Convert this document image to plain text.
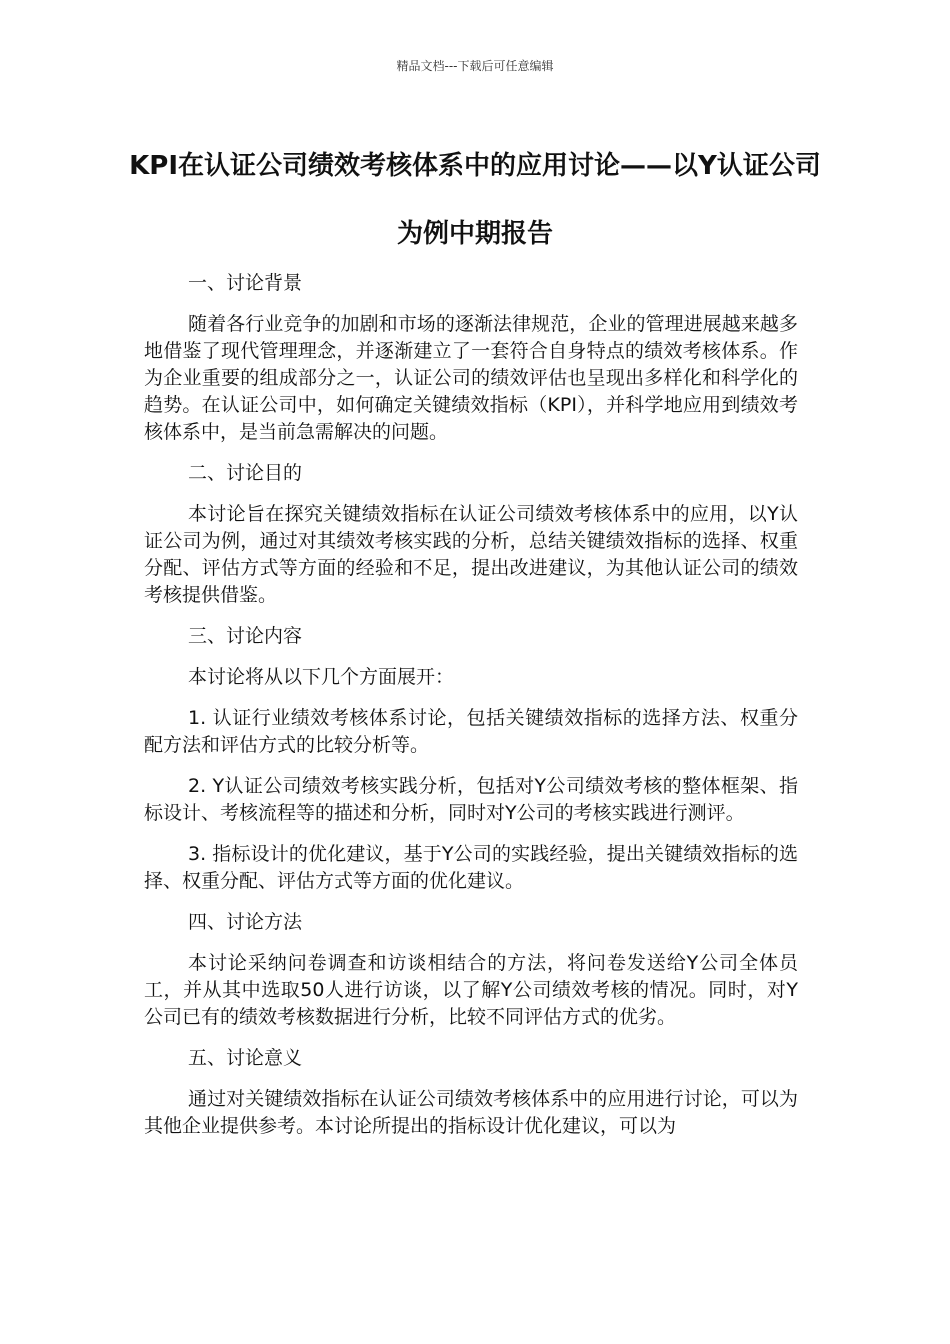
精品文档---下载后可任意编辑
KPI在认证公司绩效考核体系中的应用讨论——以Y认证公司为例中期报告

一、讨论背景

随着各行业竞争的加剧和市场的逐渐法律规范，企业的管理进展越来越多地借鉴了现代管理理念，并逐渐建立了一套符合自身特点的绩效考核体系。作为企业重要的组成部分之一，认证公司的绩效评估也呈现出多样化和科学化的趋势。在认证公司中，如何确定关键绩效指标（KPI），并科学地应用到绩效考核体系中，是当前急需解决的问题。

二、讨论目的

本讨论旨在探究关键绩效指标在认证公司绩效考核体系中的应用，以Y认证公司为例，通过对其绩效考核实践的分析，总结关键绩效指标的选择、权重分配、评估方式等方面的经验和不足，提出改进建议，为其他认证公司的绩效考核提供借鉴。

三、讨论内容

本讨论将从以下几个方面展开：

1. 认证行业绩效考核体系讨论，包括关键绩效指标的选择方法、权重分配方法和评估方式的比较分析等。

2. Y认证公司绩效考核实践分析，包括对Y公司绩效考核的整体框架、指标设计、考核流程等的描述和分析，同时对Y公司的考核实践进行测评。

3. 指标设计的优化建议，基于Y公司的实践经验，提出关键绩效指标的选择、权重分配、评估方式等方面的优化建议。

四、讨论方法

本讨论采纳问卷调查和访谈相结合的方法，将问卷发送给Y公司全体员工，并从其中选取50人进行访谈，以了解Y公司绩效考核的情况。同时，对Y公司已有的绩效考核数据进行分析，比较不同评估方式的优劣。

五、讨论意义

通过对关键绩效指标在认证公司绩效考核体系中的应用进行讨论，可以为其他企业提供参考。本讨论所提出的指标设计优化建议，可以为
